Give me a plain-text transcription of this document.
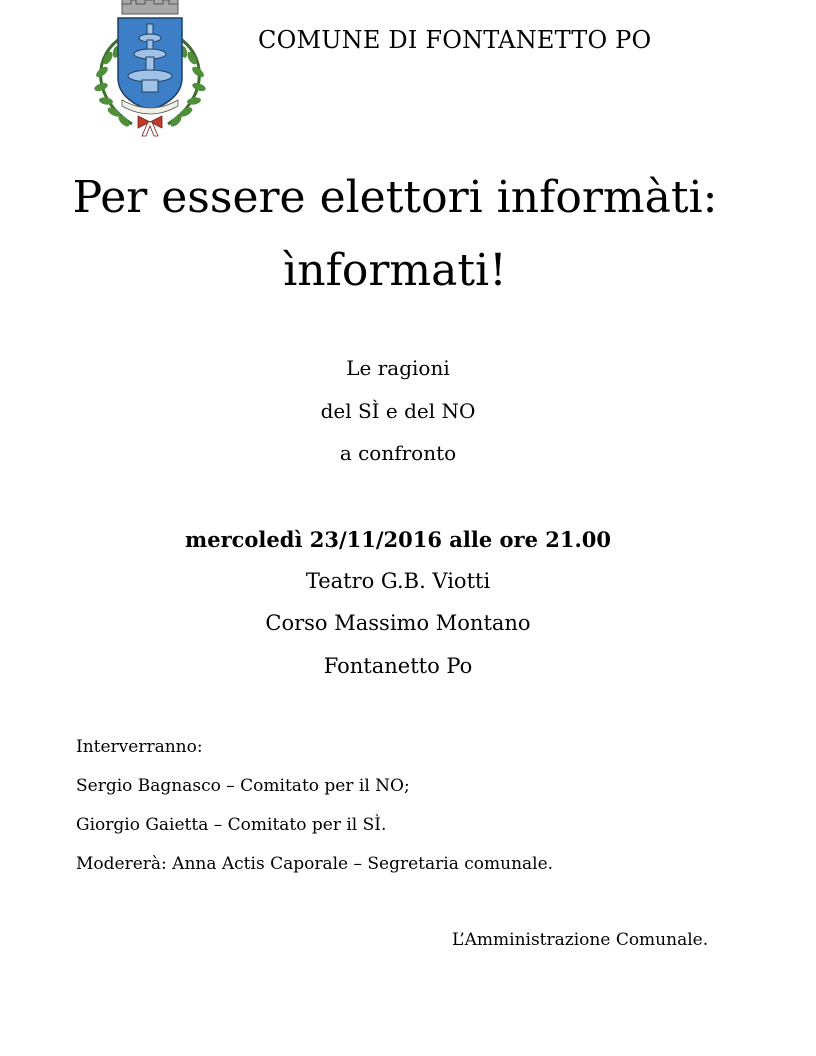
COMUNE DI FONTANETTO PO
Per essere elettori informàti:
ìnformati!
Le ragioni
del SÌ e del NO
a confronto
mercoledì 23/11/2016 alle ore 21.00
Teatro G.B. Viotti
Corso Massimo Montano
Fontanetto Po
Interverranno:
Sergio Bagnasco – Comitato per il NO;
Giorgio Gaietta – Comitato per il SÌ.
Modererà: Anna Actis Caporale – Segretaria comunale.
L’Amministrazione Comunale.
